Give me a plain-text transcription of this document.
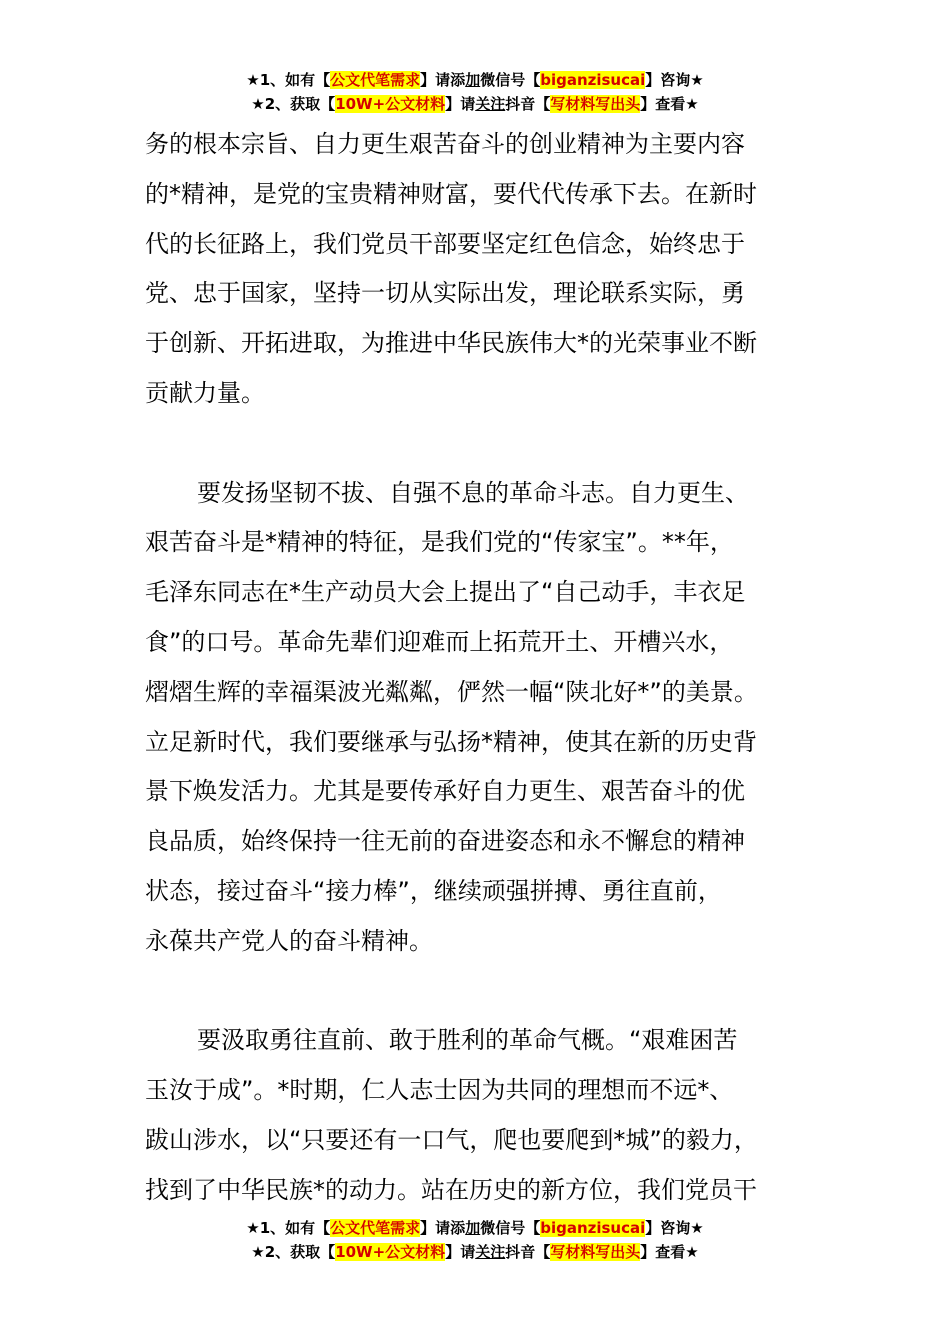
★1、如有【公文代笔需求】请添加微信号【biganzisucai】咨询★
★2、获取【10W+公文材料】请关注抖音【写材料写出头】查看★
务的根本宗旨、自力更生艰苦奋斗的创业精神为主要内容
的*精神，是党的宝贵精神财富，要代代传承下去。在新时
代的长征路上，我们党员干部要坚定红色信念，始终忠于
党、忠于国家，坚持一切从实际出发，理论联系实际，勇
于创新、开拓进取，为推进中华民族伟大*的光荣事业不断
贡献力量。
要发扬坚韧不拔、自强不息的革命斗志。自力更生、
艰苦奋斗是*精神的特征，是我们党的“传家宝”。**年，
毛泽东同志在*生产动员大会上提出了“自己动手，丰衣足
食”的口号。革命先辈们迎难而上拓荒开土、开槽兴水，
熠熠生辉的幸福渠波光粼粼，俨然一幅“陕北好*”的美景。
立足新时代，我们要继承与弘扬*精神，使其在新的历史背
景下焕发活力。尤其是要传承好自力更生、艰苦奋斗的优
良品质，始终保持一往无前的奋进姿态和永不懈怠的精神
状态，接过奋斗“接力棒”，继续顽强拼搏、勇往直前，
永葆共产党人的奋斗精神。
要汲取勇往直前、敢于胜利的革命气概。“艰难困苦
玉汝于成”。*时期，仁人志士因为共同的理想而不远*、
跋山涉水，以“只要还有一口气，爬也要爬到*城”的毅力，
找到了中华民族*的动力。站在历史的新方位，我们党员干
★1、如有【公文代笔需求】请添加微信号【biganzisucai】咨询★
★2、获取【10W+公文材料】请关注抖音【写材料写出头】查看★
